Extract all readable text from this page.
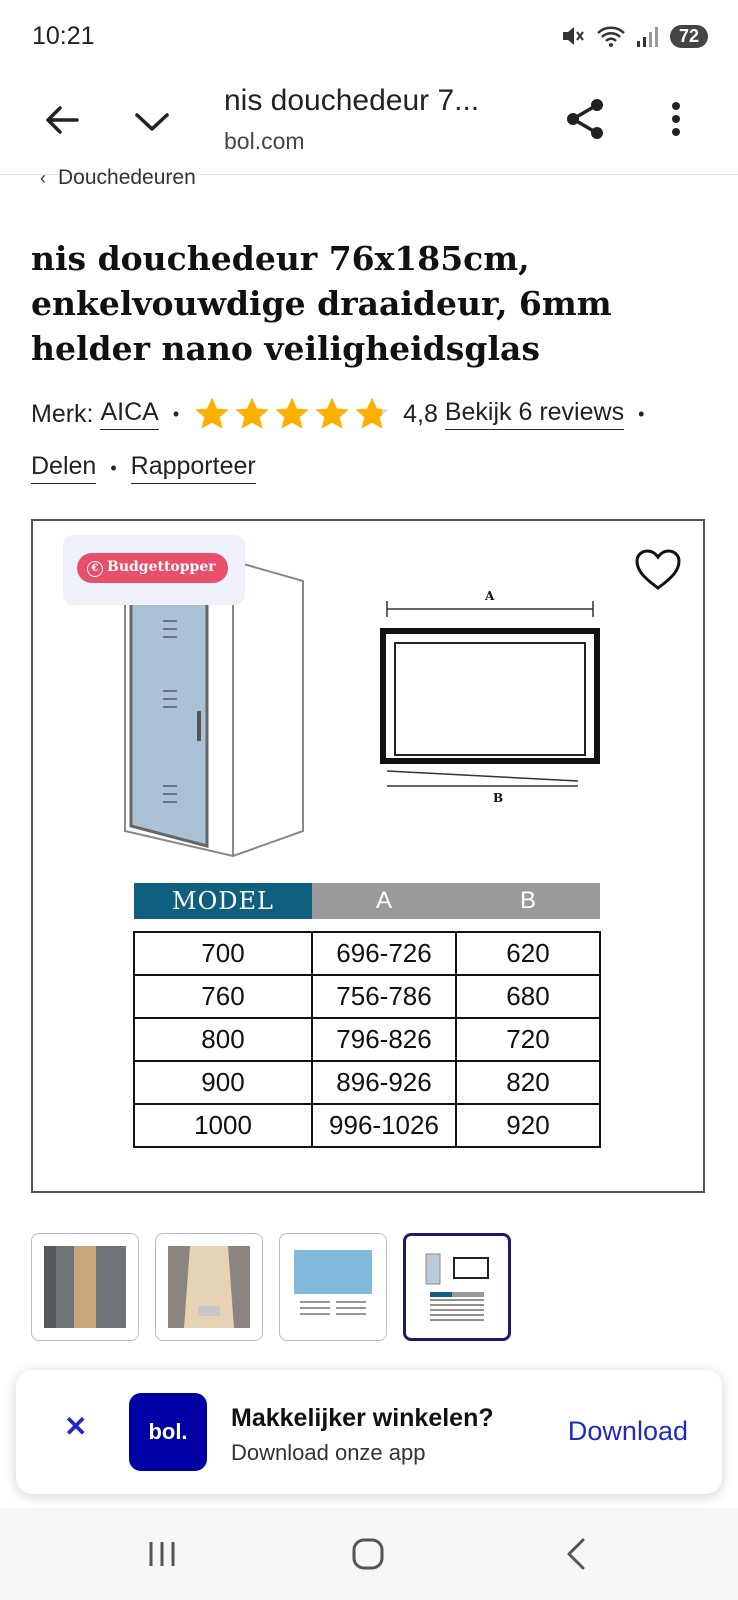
10:21	72
nis douchedeur 7...
bol.com
‹ Douchedeuren
nis douchedeur 76x185cm, enkelvouwdige draaideur, 6mm helder nano veiligheidsglas
Merk:
AICA •	4,8
Bekijk 6 reviews •
Delen • Rapporteer
A
B
€ Budgettopper
MODEL	A	B

700	696-726	620
760	756-786	680
800	796-826	720
900	896-926	820
1000	996-1026	920
✕	bol. Makkelijker winkelen?
Download onze app
Download
